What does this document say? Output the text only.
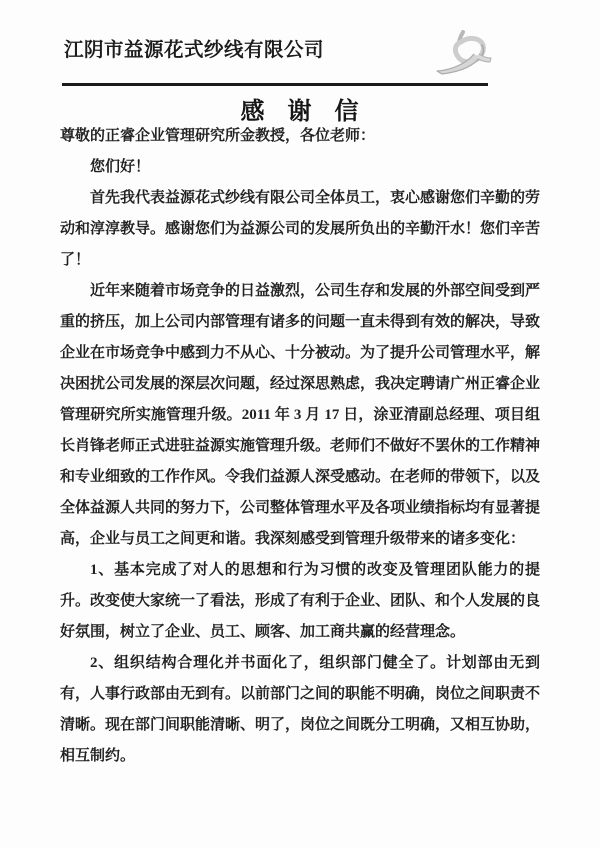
江阴市益源花式纱线有限公司
感 谢 信

尊敬的正睿企业管理研究所金教授，各位老师：

您们好！

首先我代表益源花式纱线有限公司全体员工，衷心感谢您们辛勤的劳动和淳淳教导。感谢您们为益源公司的发展所负出的辛勤汗水！您们辛苦了！

近年来随着市场竞争的日益激烈，公司生存和发展的外部空间受到严重的挤压，加上公司内部管理有诸多的问题一直未得到有效的解决，导致企业在市场竞争中感到力不从心、十分被动。为了提升公司管理水平，解决困扰公司发展的深层次问题，经过深思熟虑，我决定聘请广州正睿企业管理研究所实施管理升级。2011 年 3 月 17 日，涂亚清副总经理、项目组长肖锋老师正式进驻益源实施管理升级。老师们不做好不罢休的工作精神和专业细致的工作作风。令我们益源人深受感动。在老师的带领下，以及全体益源人共同的努力下，公司整体管理水平及各项业绩指标均有显著提高，企业与员工之间更和谐。我深刻感受到管理升级带来的诸多变化：

1、基本完成了对人的思想和行为习惯的改变及管理团队能力的提升。改变使大家统一了看法，形成了有利于企业、团队、和个人发展的良好氛围，树立了企业、员工、顾客、加工商共赢的经营理念。

2、组织结构合理化并书面化了，组织部门健全了。计划部由无到有，人事行政部由无到有。以前部门之间的职能不明确，岗位之间职责不清晰。现在部门间职能清晰、明了，岗位之间既分工明确，又相互协助，相互制约。
